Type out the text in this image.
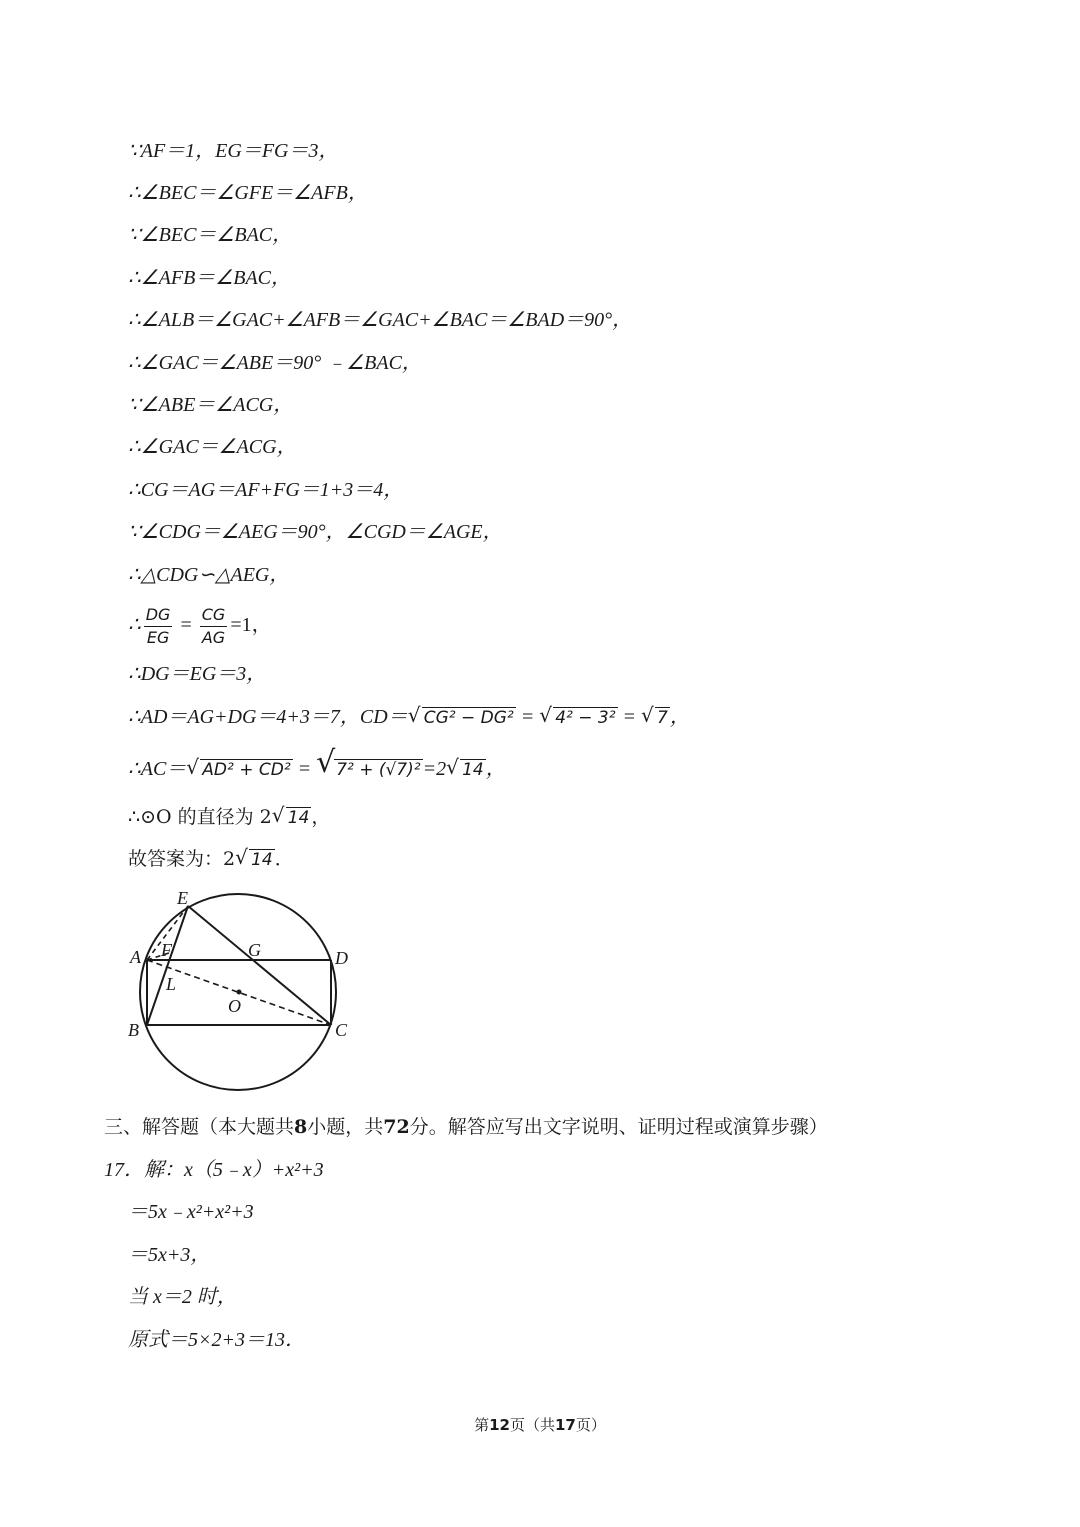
∵AF＝1，EG＝FG＝3，
∴∠BEC＝∠GFE＝∠AFB，
∵∠BEC＝∠BAC，
∴∠AFB＝∠BAC，
∴∠ALB＝∠GAC+∠AFB＝∠GAC+∠BAC＝∠BAD＝90°，
∴∠GAC＝∠ABE＝90° ﹣∠BAC，
∵∠ABE＝∠ACG，
∴∠GAC＝∠ACG，
∴CG＝AG＝AF+FG＝1+3＝4，
∵∠CDG＝∠AEG＝90°，∠CGD＝∠AGE，
∴△CDG∽△AEG，
∴ $\frac{DG}{EG} = \frac{CG}{AG} =1$，
∴DG＝EG＝3，
∴AD＝AG+DG＝4+3＝7，CD＝ √ CG² − DG² = √ 4² − 3² = √ 7 ，
∴AC＝ √ AD² + CD² = √ 7² + (√7)² =2 √ 14 ，
∴⊙O 的直径为 2 √ 14 ，
故答案为：2 √ 14 ．
E
A F	G	D
L
O
B	C
三、解答题（本大题共8小题，共72分。解答应写出文字说明、证明过程或演算步骤）
17．解：x（5﹣x）+x²+3
＝5x﹣x²+x²+3
＝5x+3，
当 x＝2 时，
原式＝5×2+3＝13．
第12页（共17页）
